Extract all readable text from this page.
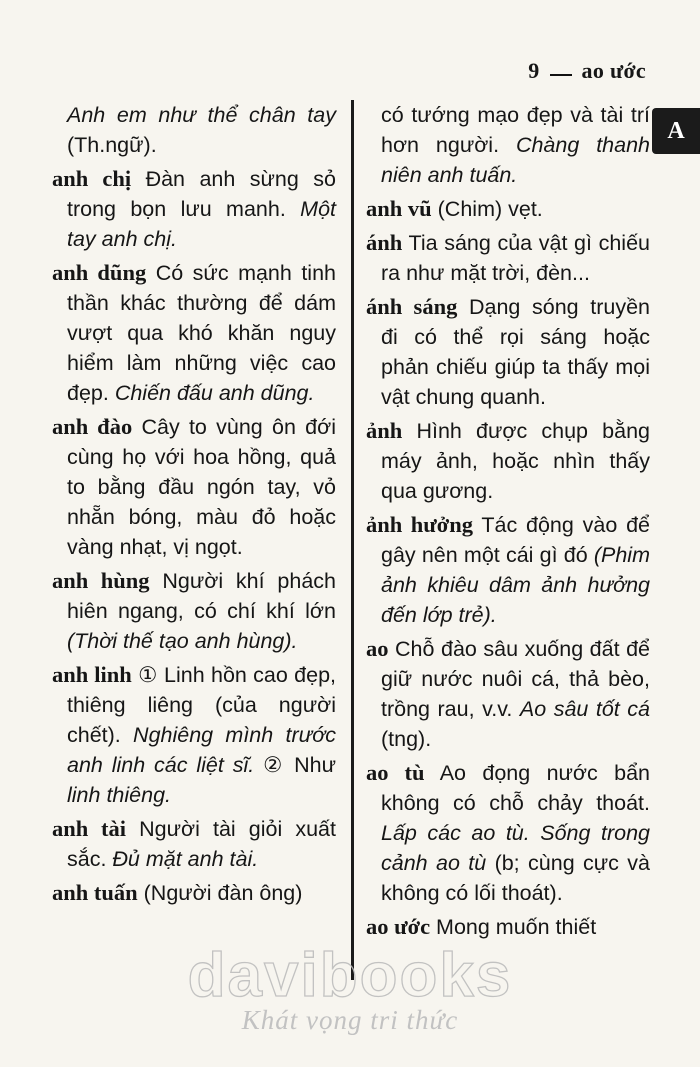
9 ao ước
A
Anh em như thể chân tay (Th.ngữ).
anh chị Đàn anh sừng sỏ trong bọn lưu manh. Một tay anh chị.
anh dũng Có sức mạnh tinh thần khác thường để dám vượt qua khó khăn nguy hiểm làm những việc cao đẹp. Chiến đấu anh dũng.
anh đào Cây to vùng ôn đới cùng họ với hoa hồng, quả to bằng đầu ngón tay, vỏ nhẵn bóng, màu đỏ hoặc vàng nhạt, vị ngọt.
anh hùng Người khí phách hiên ngang, có chí khí lớn (Thời thế tạo anh hùng).
anh linh ① Linh hồn cao đẹp, thiêng liêng (của người chết). Nghiêng mình trước anh linh các liệt sĩ. ② Như linh thiêng.
anh tài Người tài giỏi xuất sắc. Đủ mặt anh tài.
anh tuấn (Người đàn ông)
có tướng mạo đẹp và tài trí hơn người. Chàng thanh niên anh tuấn.
anh vũ (Chim) vẹt.
ánh Tia sáng của vật gì chiếu ra như mặt trời, đèn...
ánh sáng Dạng sóng truyền đi có thể rọi sáng hoặc phản chiếu giúp ta thấy mọi vật chung quanh.
ảnh Hình được chụp bằng máy ảnh, hoặc nhìn thấy qua gương.
ảnh hưởng Tác động vào để gây nên một cái gì đó (Phim ảnh khiêu dâm ảnh hưởng đến lớp trẻ).
ao Chỗ đào sâu xuống đất để giữ nước nuôi cá, thả bèo, trồng rau, v.v. Ao sâu tốt cá (tng).
ao tù Ao đọng nước bẩn không có chỗ chảy thoát. Lấp các ao tù. Sống trong cảnh ao tù (b; cùng cực và không có lối thoát).
ao ước Mong muốn thiết
davibooks
Khát vọng tri thức
